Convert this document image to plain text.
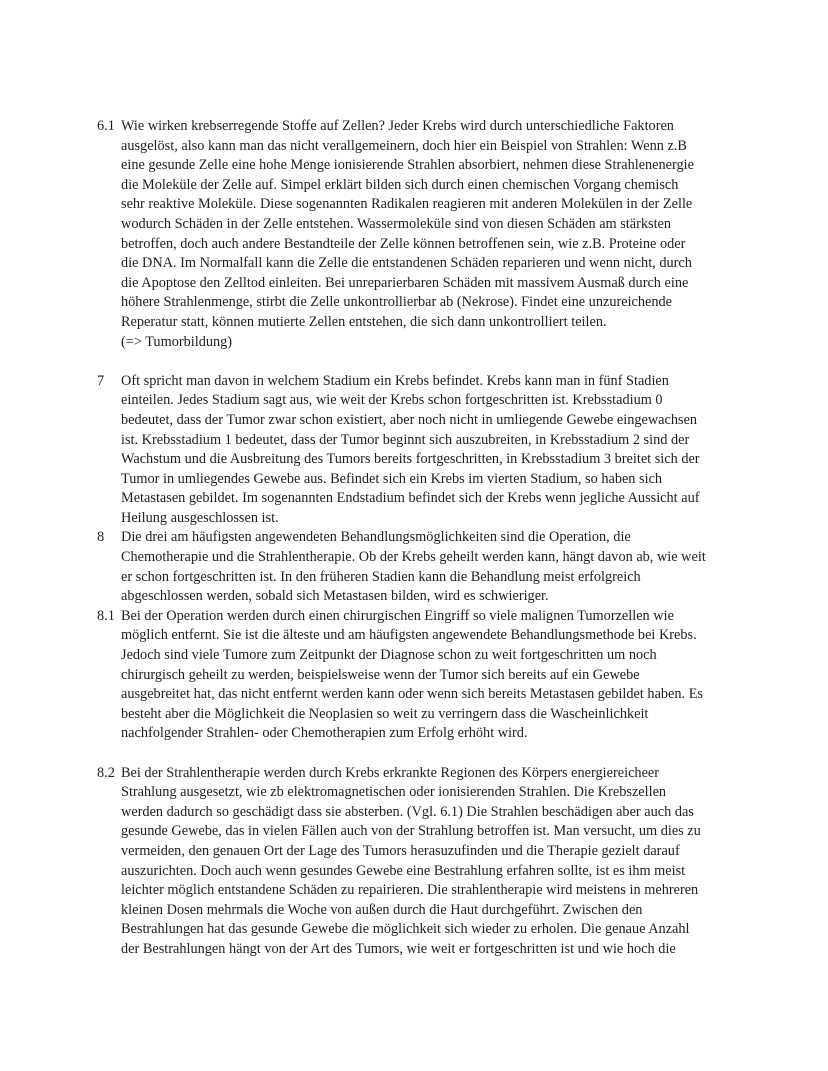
6.1 Wie wirken krebserregende Stoffe auf Zellen? Jeder Krebs wird durch unterschiedliche Faktoren
ausgelöst, also kann man das nicht verallgemeinern, doch hier ein Beispiel von Strahlen: Wenn z.B
eine gesunde Zelle eine hohe Menge ionisierende Strahlen absorbiert, nehmen diese Strahlenenergie
die Moleküle der Zelle auf. Simpel erklärt bilden sich durch einen chemischen Vorgang chemisch
sehr reaktive Moleküle. Diese sogenannten Radikalen reagieren mit anderen Molekülen in der Zelle
wodurch Schäden in der Zelle entstehen. Wassermoleküle sind von diesen Schäden am stärksten
betroffen, doch auch andere Bestandteile der Zelle können betroffenen sein, wie z.B. Proteine oder
die DNA. Im Normalfall kann die Zelle die entstandenen Schäden reparieren und wenn nicht, durch
die Apoptose den Zelltod einleiten. Bei unreparierbaren Schäden mit massivem Ausmaß durch eine
höhere Strahlenmenge, stirbt die Zelle unkontrollierbar ab (Nekrose). Findet eine unzureichende
Reperatur statt, können mutierte Zellen entstehen, die sich dann unkontrolliert teilen.
(=> Tumorbildung)
7 Oft spricht man davon in welchem Stadium ein Krebs befindet. Krebs kann man in fünf Stadien
einteilen. Jedes Stadium sagt aus, wie weit der Krebs schon fortgeschritten ist. Krebsstadium 0
bedeutet, dass der Tumor zwar schon existiert, aber noch nicht in umliegende Gewebe eingewachsen
ist. Krebsstadium 1 bedeutet, dass der Tumor beginnt sich auszubreiten, in Krebsstadium 2 sind der
Wachstum und die Ausbreitung des Tumors bereits fortgeschritten, in Krebsstadium 3 breitet sich der
Tumor in umliegendes Gewebe aus. Befindet sich ein Krebs im vierten Stadium, so haben sich
Metastasen gebildet. Im sogenannten Endstadium befindet sich der Krebs wenn jegliche Aussicht auf
Heilung ausgeschlossen ist.
8 Die drei am häufigsten angewendeten Behandlungsmöglichkeiten sind die Operation, die
Chemotherapie und die Strahlentherapie. Ob der Krebs geheilt werden kann, hängt davon ab, wie weit
er schon fortgeschritten ist. In den früheren Stadien kann die Behandlung meist erfolgreich
abgeschlossen werden, sobald sich Metastasen bilden, wird es schwieriger.
8.1 Bei der Operation werden durch einen chirurgischen Eingriff so viele malignen Tumorzellen wie
möglich entfernt. Sie ist die älteste und am häufigsten angewendete Behandlungsmethode bei Krebs.
Jedoch sind viele Tumore zum Zeitpunkt der Diagnose schon zu weit fortgeschritten um noch
chirurgisch geheilt zu werden, beispielsweise wenn der Tumor sich bereits auf ein Gewebe
ausgebreitet hat, das nicht entfernt werden kann oder wenn sich bereits Metastasen gebildet haben. Es
besteht aber die Möglichkeit die Neoplasien so weit zu verringern dass die Wascheinlichkeit
nachfolgender Strahlen- oder Chemotherapien zum Erfolg erhöht wird.
8.2 Bei der Strahlentherapie werden durch Krebs erkrankte Regionen des Körpers energiereicheer
Strahlung ausgesetzt, wie zb elektromagnetischen oder ionisierenden Strahlen. Die Krebszellen
werden dadurch so geschädigt dass sie absterben. (Vgl. 6.1) Die Strahlen beschädigen aber auch das
gesunde Gewebe, das in vielen Fällen auch von der Strahlung betroffen ist. Man versucht, um dies zu
vermeiden, den genauen Ort der Lage des Tumors herasuzufinden und die Therapie gezielt darauf
auszurichten. Doch auch wenn gesundes Gewebe eine Bestrahlung erfahren sollte, ist es ihm meist
leichter möglich entstandene Schäden zu repairieren. Die strahlentherapie wird meistens in mehreren
kleinen Dosen mehrmals die Woche von außen durch die Haut durchgeführt. Zwischen den
Bestrahlungen hat das gesunde Gewebe die möglichkeit sich wieder zu erholen. Die genaue Anzahl
der Bestrahlungen hängt von der Art des Tumors, wie weit er fortgeschritten ist und wie hoch die
